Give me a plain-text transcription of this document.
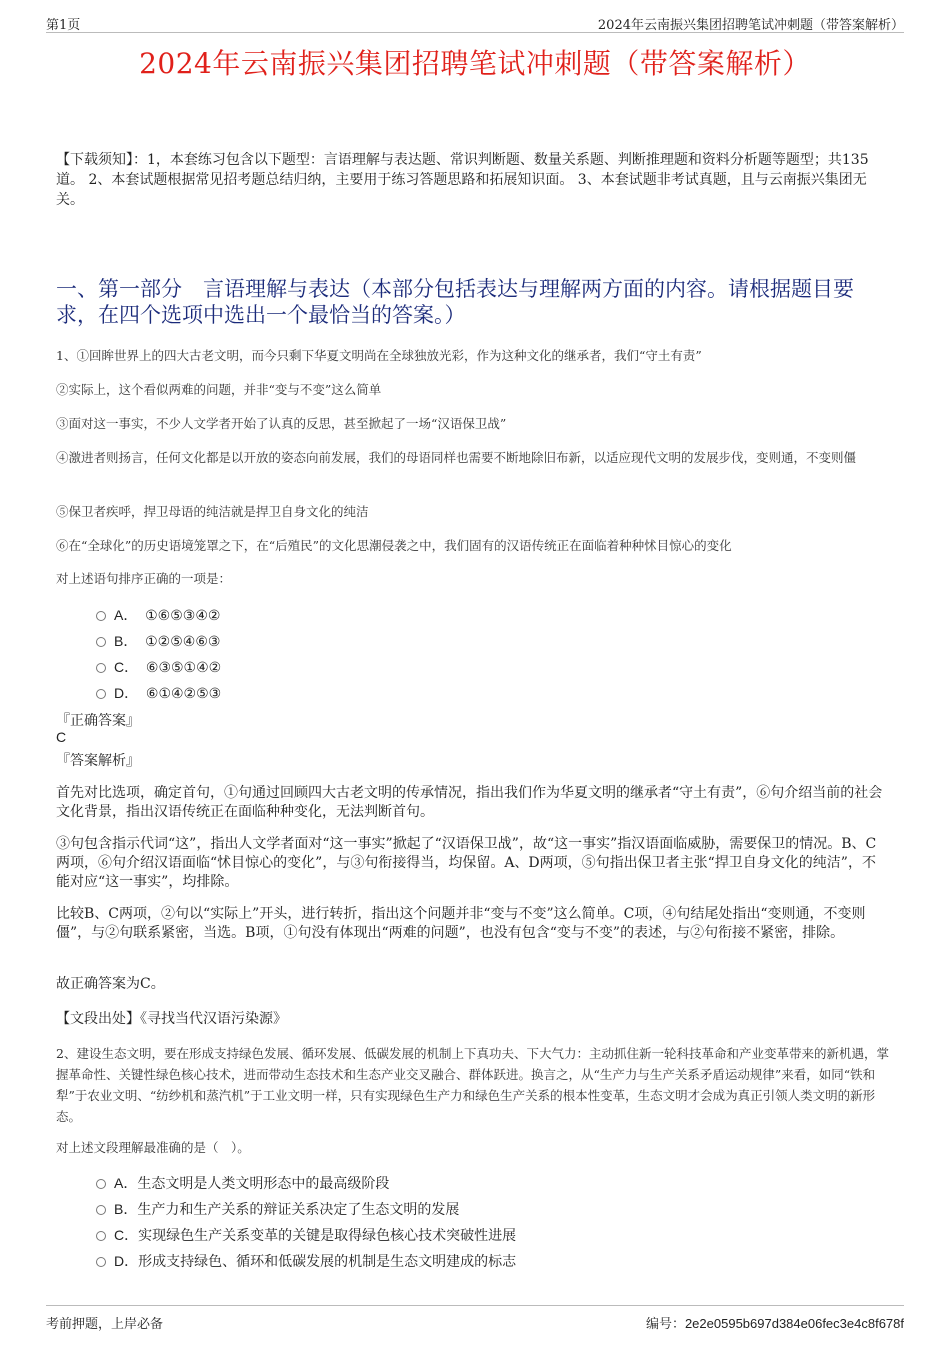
第1页	2024年云南振兴集团招聘笔试冲刺题（带答案解析）
2024年云南振兴集团招聘笔试冲刺题（带答案解析）
【下载须知】：1，本套练习包含以下题型：言语理解与表达题、常识判断题、数量关系题、判断推理题和资料分析题等题型；共135道。 2、本套试题根据常见招考题总结归纳，主要用于练习答题思路和拓展知识面。 3、本套试题非考试真题，且与云南振兴集团无关。
一、第一部分　言语理解与表达（本部分包括表达与理解两方面的内容。请根据题目要求，在四个选项中选出一个最恰当的答案。）
1、①回眸世界上的四大古老文明，而今只剩下华夏文明尚在全球独放光彩，作为这种文化的继承者，我们“守土有责”
②实际上，这个看似两难的问题，并非“变与不变”这么简单
③面对这一事实，不少人文学者开始了认真的反思，甚至掀起了一场“汉语保卫战”
④激进者则扬言，任何文化都是以开放的姿态向前发展，我们的母语同样也需要不断地除旧布新，以适应现代文明的发展步伐，变则通，不变则僵
⑤保卫者疾呼，捍卫母语的纯洁就是捍卫自身文化的纯洁
⑥在“全球化”的历史语境笼罩之下，在“后殖民”的文化思潮侵袭之中，我们固有的汉语传统正在面临着种种怵目惊心的变化
对上述语句排序正确的一项是：
A． ①⑥⑤③④②
B． ①②⑤④⑥③
C． ⑥③⑤①④②
D． ⑥①④②⑤③
『正确答案』
C
『答案解析』
首先对比选项，确定首句，①句通过回顾四大古老文明的传承情况，指出我们作为华夏文明的继承者“守土有责”，⑥句介绍当前的社会文化背景，指出汉语传统正在面临种种变化，无法判断首句。
③句包含指示代词“这”，指出人文学者面对“这一事实”掀起了“汉语保卫战”，故“这一事实”指汉语面临威胁，需要保卫的情况。B、C两项，⑥句介绍汉语面临“怵目惊心的变化”，与③句衔接得当，均保留。A、D两项，⑤句指出保卫者主张“捍卫自身文化的纯洁”，不能对应“这一事实”，均排除。
比较B、C两项，②句以“实际上”开头，进行转折，指出这个问题并非“变与不变”这么简单。C项，④句结尾处指出“变则通，不变则僵”，与②句联系紧密，当选。B项，①句没有体现出“两难的问题”，也没有包含“变与不变”的表述，与②句衔接不紧密，排除。
故正确答案为C。
【文段出处】《寻找当代汉语污染源》
2、建设生态文明，要在形成支持绿色发展、循环发展、低碳发展的机制上下真功夫、下大气力：主动抓住新一轮科技革命和产业变革带来的新机遇，掌握革命性、关键性绿色核心技术，进而带动生态技术和生态产业交叉融合、群体跃进。换言之，从“生产力与生产关系矛盾运动规律”来看，如同“铁和犁”于农业文明、“纺纱机和蒸汽机”于工业文明一样，只有实现绿色生产力和绿色生产关系的根本性变革，生态文明才会成为真正引领人类文明的新形态。
对上述文段理解最准确的是（　）。
A．生态文明是人类文明形态中的最高级阶段
B．生产力和生产关系的辩证关系决定了生态文明的发展
C．实现绿色生产关系变革的关键是取得绿色核心技术突破性进展
D．形成支持绿色、循环和低碳发展的机制是生态文明建成的标志
考前押题，上岸必备	编号：2e2e0595b697d384e06fec3e4c8f678f
